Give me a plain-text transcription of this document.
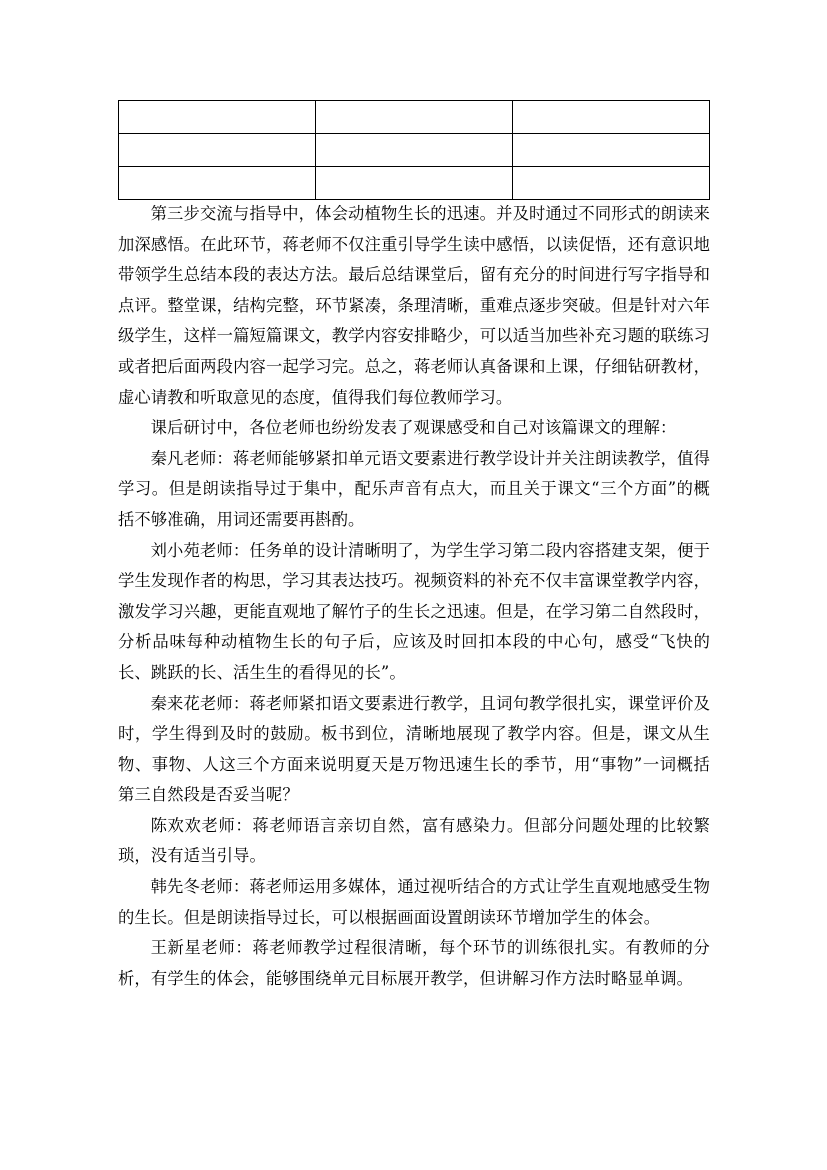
第三步交流与指导中，体会动植物生长的迅速。并及时通过不同形式的朗读来加深感悟。在此环节，蒋老师不仅注重引导学生读中感悟，以读促悟，还有意识地带领学生总结本段的表达方法。最后总结课堂后，留有充分的时间进行写字指导和点评。整堂课，结构完整，环节紧凑，条理清晰，重难点逐步突破。但是针对六年级学生，这样一篇短篇课文，教学内容安排略少，可以适当加些补充习题的联练习或者把后面两段内容一起学习完。总之，蒋老师认真备课和上课，仔细钻研教材，虚心请教和听取意见的态度，值得我们每位教师学习。

课后研讨中，各位老师也纷纷发表了观课感受和自己对该篇课文的理解：

秦凡老师：蒋老师能够紧扣单元语文要素进行教学设计并关注朗读教学，值得学习。但是朗读指导过于集中，配乐声音有点大，而且关于课文“三个方面”的概括不够准确，用词还需要再斟酌。

刘小苑老师：任务单的设计清晰明了，为学生学习第二段内容搭建支架，便于学生发现作者的构思，学习其表达技巧。视频资料的补充不仅丰富课堂教学内容，激发学习兴趣，更能直观地了解竹子的生长之迅速。但是，在学习第二自然段时，分析品味每种动植物生长的句子后，应该及时回扣本段的中心句，感受“飞快的长、跳跃的长、活生生的看得见的长”。

秦来花老师：蒋老师紧扣语文要素进行教学，且词句教学很扎实，课堂评价及时，学生得到及时的鼓励。板书到位，清晰地展现了教学内容。但是，课文从生物、事物、人这三个方面来说明夏天是万物迅速生长的季节，用“事物”一词概括第三自然段是否妥当呢？

陈欢欢老师：蒋老师语言亲切自然，富有感染力。但部分问题处理的比较繁琐，没有适当引导。

韩先冬老师：蒋老师运用多媒体，通过视听结合的方式让学生直观地感受生物的生长。但是朗读指导过长，可以根据画面设置朗读环节增加学生的体会。

王新星老师：蒋老师教学过程很清晰，每个环节的训练很扎实。有教师的分析，有学生的体会，能够围绕单元目标展开教学，但讲解习作方法时略显单调。
